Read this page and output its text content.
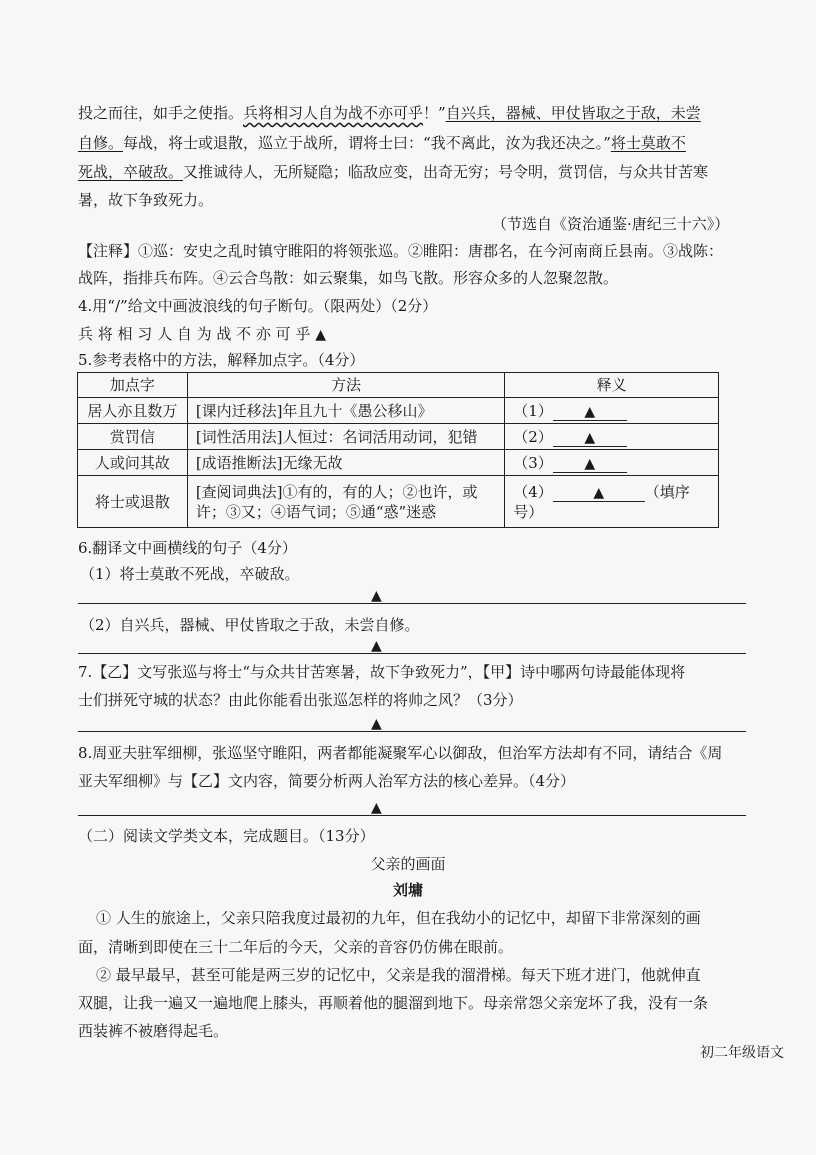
投之而往，如手之使指。兵将相习人自为战不亦可乎！”自兴兵，器械、甲仗皆取之于敌，未尝
自修。每战，将士或退散，巡立于战所，谓将士曰：“我不离此，汝为我还决之。”将士莫敢不
死战，卒破敌。又推诚待人，无所疑隐；临敌应变，出奇无穷；号令明，赏罚信，与众共甘苦寒
暑，故下争致死力。
（节选自《资治通鉴·唐纪三十六》）
【注释】①巡：安史之乱时镇守睢阳的将领张巡。②睢阳：唐郡名，在今河南商丘县南。③战陈：
战阵，指排兵布阵。④云合鸟散：如云聚集，如鸟飞散。形容众多的人忽聚忽散。
4.用“/”给文中画波浪线的句子断句。（限两处）（2分）
兵 将 相 习 人 自 为 战 不 亦 可 乎 ▲
5.参考表格中的方法，解释加点字。（4分）
加点字	方法	释义
居人亦且数万	[课内迁移法]年且九十《愚公移山》	（1） ▲
赏罚信	[词性活用法]人恒过：名词活用动词，犯错	（2） ▲
人或问其故	[成语推断法]无缘无故	（3） ▲
将士或退散	[查阅词典法]①有的，有的人；②也许，或
许；③又；④语气词；⑤通“惑”迷惑	（4） ▲ （填序号）
6.翻译文中画横线的句子（4分）
（1）将士莫敢不死战，卒破敌。
▲
（2）自兴兵，器械、甲仗皆取之于敌，未尝自修。
▲
7.【乙】文写张巡与将士“与众共甘苦寒暑，故下争致死力”，【甲】诗中哪两句诗最能体现将
士们拼死守城的状态？由此你能看出张巡怎样的将帅之风？（3分）
▲
8.周亚夫驻军细柳，张巡坚守睢阳，两者都能凝聚军心以御敌，但治军方法却有不同，请结合《周
亚夫军细柳》与【乙】文内容，简要分析两人治军方法的核心差异。（4分）
▲
（二）阅读文学类文本，完成题目。（13分）
父亲的画面
刘墉
① 人生的旅途上，父亲只陪我度过最初的九年，但在我幼小的记忆中，却留下非常深刻的画
面，清晰到即使在三十二年后的今天，父亲的音容仍仿佛在眼前。
② 最早最早，甚至可能是两三岁的记忆中，父亲是我的溜滑梯。每天下班才进门，他就伸直
双腿，让我一遍又一遍地爬上膝头，再顺着他的腿溜到地下。母亲常怨父亲宠坏了我，没有一条
西装裤不被磨得起毛。
初二年级语文
